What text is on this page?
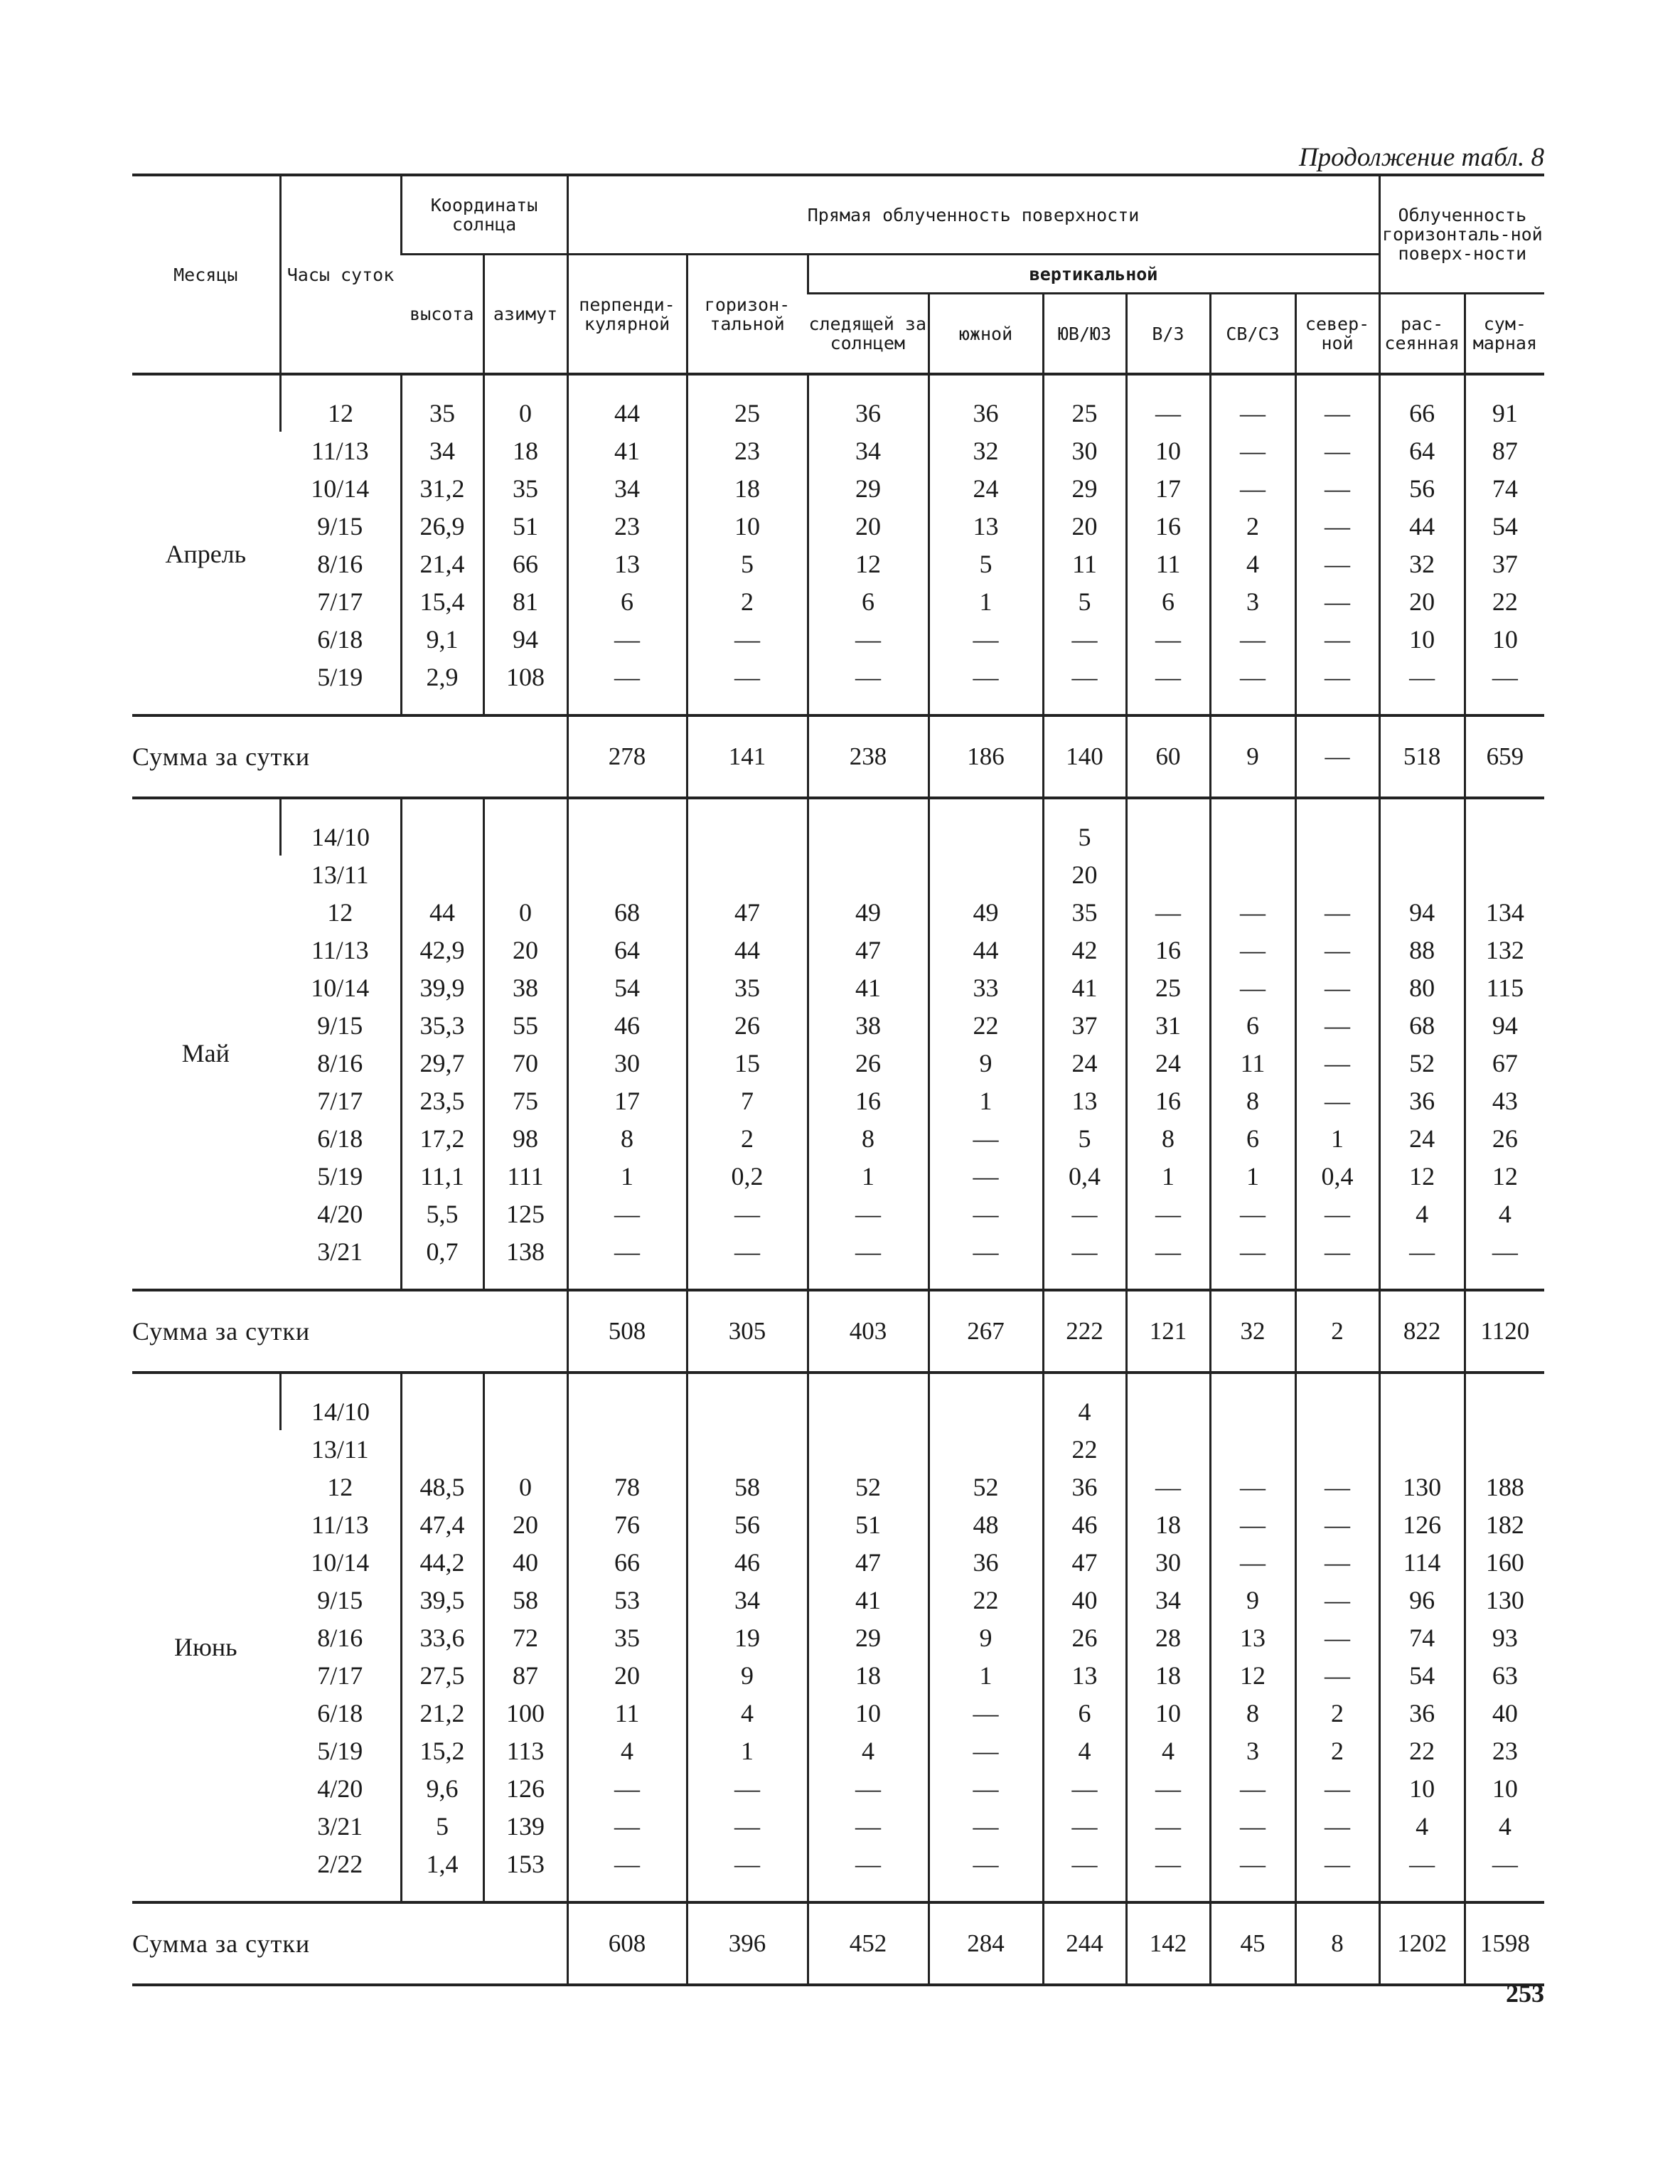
Продолжение табл. 8
Месяцы	Часы суток	Координаты солнца		Прямая облученность поверхности								Облученность горизонталь-ной поверх-ности	
		высота	азимут	перпенди-кулярной	горизон-тальной	вертикальной							
						следящей за солнцем	южной	ЮВ/ЮЗ	В/З	СВ/СЗ	север-ной	рас-сеянная	сум-марная
Апрель	12	35	0	44	25	36	36	25	—	—	—	66	91
	11/13	34	18	41	23	34	32	30	10	—	—	64	87
	10/14	31,2	35	34	18	29	24	29	17	—	—	56	74
	9/15	26,9	51	23	10	20	13	20	16	2	—	44	54
	8/16	21,4	66	13	5	12	5	11	11	4	—	32	37
	7/17	15,4	81	6	2	6	1	5	6	3	—	20	22
	6/18	9,1	94	—	—	—	—	—	—	—	—	10	10
	5/19	2,9	108	—	—	—	—	—	—	—	—	—	—
Сумма за сутки				278	141	238	186	140	60	9	—	518	659
Май	14/10							5					
	13/11							20					
	12	44	0	68	47	49	49	35	—	—	—	94	134
	11/13	42,9	20	64	44	47	44	42	16	—	—	88	132
	10/14	39,9	38	54	35	41	33	41	25	—	—	80	115
	9/15	35,3	55	46	26	38	22	37	31	6	—	68	94
	8/16	29,7	70	30	15	26	9	24	24	11	—	52	67
	7/17	23,5	75	17	7	16	1	13	16	8	—	36	43
	6/18	17,2	98	8	2	8	—	5	8	6	1	24	26
	5/19	11,1	111	1	0,2	1	—	0,4	1	1	0,4	12	12
	4/20	5,5	125	—	—	—	—	—	—	—	—	4	4
	3/21	0,7	138	—	—	—	—	—	—	—	—	—	—
Сумма за сутки				508	305	403	267	222	121	32	2	822	1120
Июнь	14/10							4					
	13/11							22					
	12	48,5	0	78	58	52	52	36	—	—	—	130	188
	11/13	47,4	20	76	56	51	48	46	18	—	—	126	182
	10/14	44,2	40	66	46	47	36	47	30	—	—	114	160
	9/15	39,5	58	53	34	41	22	40	34	9	—	96	130
	8/16	33,6	72	35	19	29	9	26	28	13	—	74	93
	7/17	27,5	87	20	9	18	1	13	18	12	—	54	63
	6/18	21,2	100	11	4	10	—	6	10	8	2	36	40
	5/19	15,2	113	4	1	4	—	4	4	3	2	22	23
	4/20	9,6	126	—	—	—	—	—	—	—	—	10	10
	3/21	5	139	—	—	—	—	—	—	—	—	4	4
	2/22	1,4	153	—	—	—	—	—	—	—	—	—	—
Сумма за сутки				608	396	452	284	244	142	45	8	1202	1598
253
